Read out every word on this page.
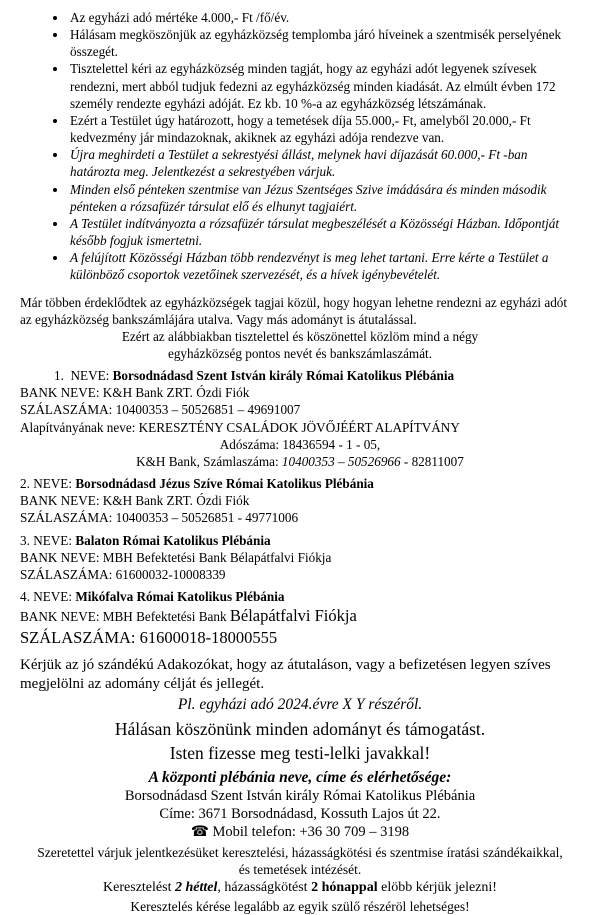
• Az egyházi adó mértéke 4.000,- Ft /fő/év.
• Hálásam megköszönjük az egyházközség templomba járó híveinek a szentmisék perselyének összegét.
• Tisztelettel kéri az egyházközség minden tagját, hogy az egyházi adót legyenek szívesek rendezni, mert abból tudjuk fedezni az egyházközség minden kiadását. Az elmúlt évben 172 személy rendezte egyházi adóját. Ez kb. 10 %-a az egyházközség létszámának.
• Ezért a Testület úgy határozott, hogy a temetések díja 55.000,- Ft, amelyből 20.000,- Ft kedvezmény jár mindazoknak, akiknek az egyházi adója rendezve van.
• Újra meghirdeti a Testület a sekrestyési állást, melynek havi díjazását 60.000,- Ft -ban határozta meg. Jelentkezést a sekrestyében várjuk.
• Minden első pénteken szentmise van Jézus Szentséges Szive imádására és minden második pénteken a rózsafüzér társulat elő és elhunyt tagjaiért.
• A Testület indítványozta a rózsafüzér társulat megbeszélését a Közösségi Házban. Időpontját később fogjuk ismertetni.
• A felújított Közösségi Házban több rendezvényt is meg lehet tartani. Erre kérte a Testület a különböző csoportok vezetőinek szervezését, és a hívek igénybevételét.

Már többen érdeklődtek az egyházközségek tagjai közül, hogy hogyan lehetne rendezni az egyházi adót az egyházközség bankszámlájára utalva. Vagy más adományt is átutalással.

Ezért az alábbiakban tisztelettel és köszönettel közlöm mind a négy

egyházközség pontos nevét és bankszámlaszámát.

1.  NEVE: Borsodnádasd Szent István király Római Katolikus Plébánia

BANK NEVE: K&H Bank ZRT. Ózdi Fiók

SZÁLASZÁMA: 10400353 – 50526851 – 49691007

Alapítványának neve: KERESZTÉNY CSALÁDOK JÖVŐJÉÉRT ALAPÍTVÁNY

Adószáma: 18436594 - 1 - 05,

K&H Bank, Számlaszáma: 10400353 – 50526966 - 82811007

2. NEVE: Borsodnádasd Jézus Szíve Római Katolikus Plébánia

BANK NEVE: K&H Bank ZRT. Ózdi Fiók

SZÁLASZÁMA: 10400353 – 50526851 - 49771006

3. NEVE: Balaton Római Katolikus Plébánia

BANK NEVE: MBH Befektetési Bank Bélapátfalvi Fiókja

SZÁLASZÁMA: 61600032-10008339

4. NEVE: Mikófalva Római Katolikus Plébánia

BANK NEVE: MBH Befektetési Bank Bélapátfalvi Fiókja

SZÁLASZÁMA: 61600018-18000555

Kérjük az jó szándékú Adakozókat, hogy az átutaláson, vagy a befizetésen legyen szíves megjelölni az adomány célját és jellegét.

Pl. egyházi adó 2024.évre X Y részéről.

Hálásan köszönünk minden adományt és támogatást.

Isten fizesse meg testi-lelki javakkal!

A központi plébánia neve, címe és elérhetősége:

Borsodnádasd Szent István király Római Katolikus Plébánia

Címe: 3671 Borsodnádasd, Kossuth Lajos út 22.

☎ Mobil telefon: +36 30 709 – 3198

Szeretettel várjuk jelentkezésüket keresztelési, házasságkötési és szentmise íratási szándékaikkal,

és temetések intézését.

Keresztelést 2 héttel, házasságkötést 2 hónappal elöbb kérjük jelezni!

Keresztelés kérése legalább az egyik szülő részéröl lehetséges!
